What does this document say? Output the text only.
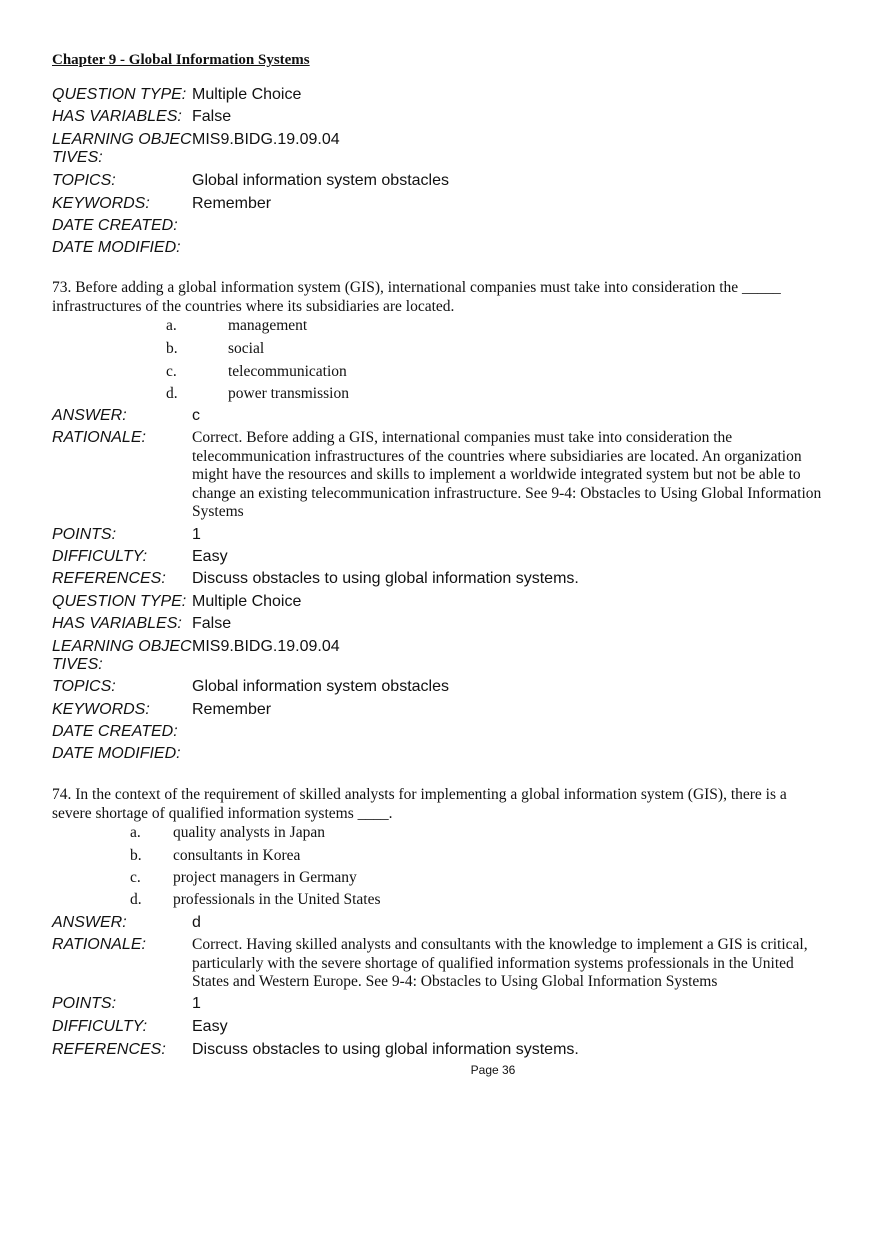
Chapter 9 - Global Information Systems
QUESTION TYPE: Multiple Choice
HAS VARIABLES: False
LEARNING OBJECTIVES:
MIS9.BIDG.19.09.04
TOPICS:	Global information system obstacles
KEYWORDS:	Remember
DATE CREATED:
DATE MODIFIED:
73. Before adding a global information system (GIS), international companies must take into consideration the _____ infrastructures of the countries where its subsidiaries are located.
a.	management
b.	social
c.	telecommunication
d.	power transmission
ANSWER:	c
RATIONALE:	Correct. Before adding a GIS, international companies must take into consideration the telecommunication infrastructures of the countries where subsidiaries are located. An organization might have the resources and skills to implement a worldwide integrated system but not be able to change an existing telecommunication infrastructure. See 9-4: Obstacles to Using Global Information Systems
POINTS:	1
DIFFICULTY:	Easy
REFERENCES:	Discuss obstacles to using global information systems.
QUESTION TYPE: Multiple Choice
HAS VARIABLES: False
LEARNING OBJECTIVES:
MIS9.BIDG.19.09.04
TOPICS:	Global information system obstacles
KEYWORDS:	Remember
DATE CREATED:
DATE MODIFIED:
74. In the context of the requirement of skilled analysts for implementing a global information system (GIS), there is a severe shortage of qualified information systems ____.
a. quality analysts in Japan
b. consultants in Korea
c. project managers in Germany
d. professionals in the United States
ANSWER:	d
RATIONALE:	Correct. Having skilled analysts and consultants with the knowledge to implement a GIS is critical, particularly with the severe shortage of qualified information systems professionals in the United States and Western Europe. See 9-4: Obstacles to Using Global Information Systems
POINTS:	1
DIFFICULTY:	Easy
REFERENCES:	Discuss obstacles to using global information systems.
Page 36
